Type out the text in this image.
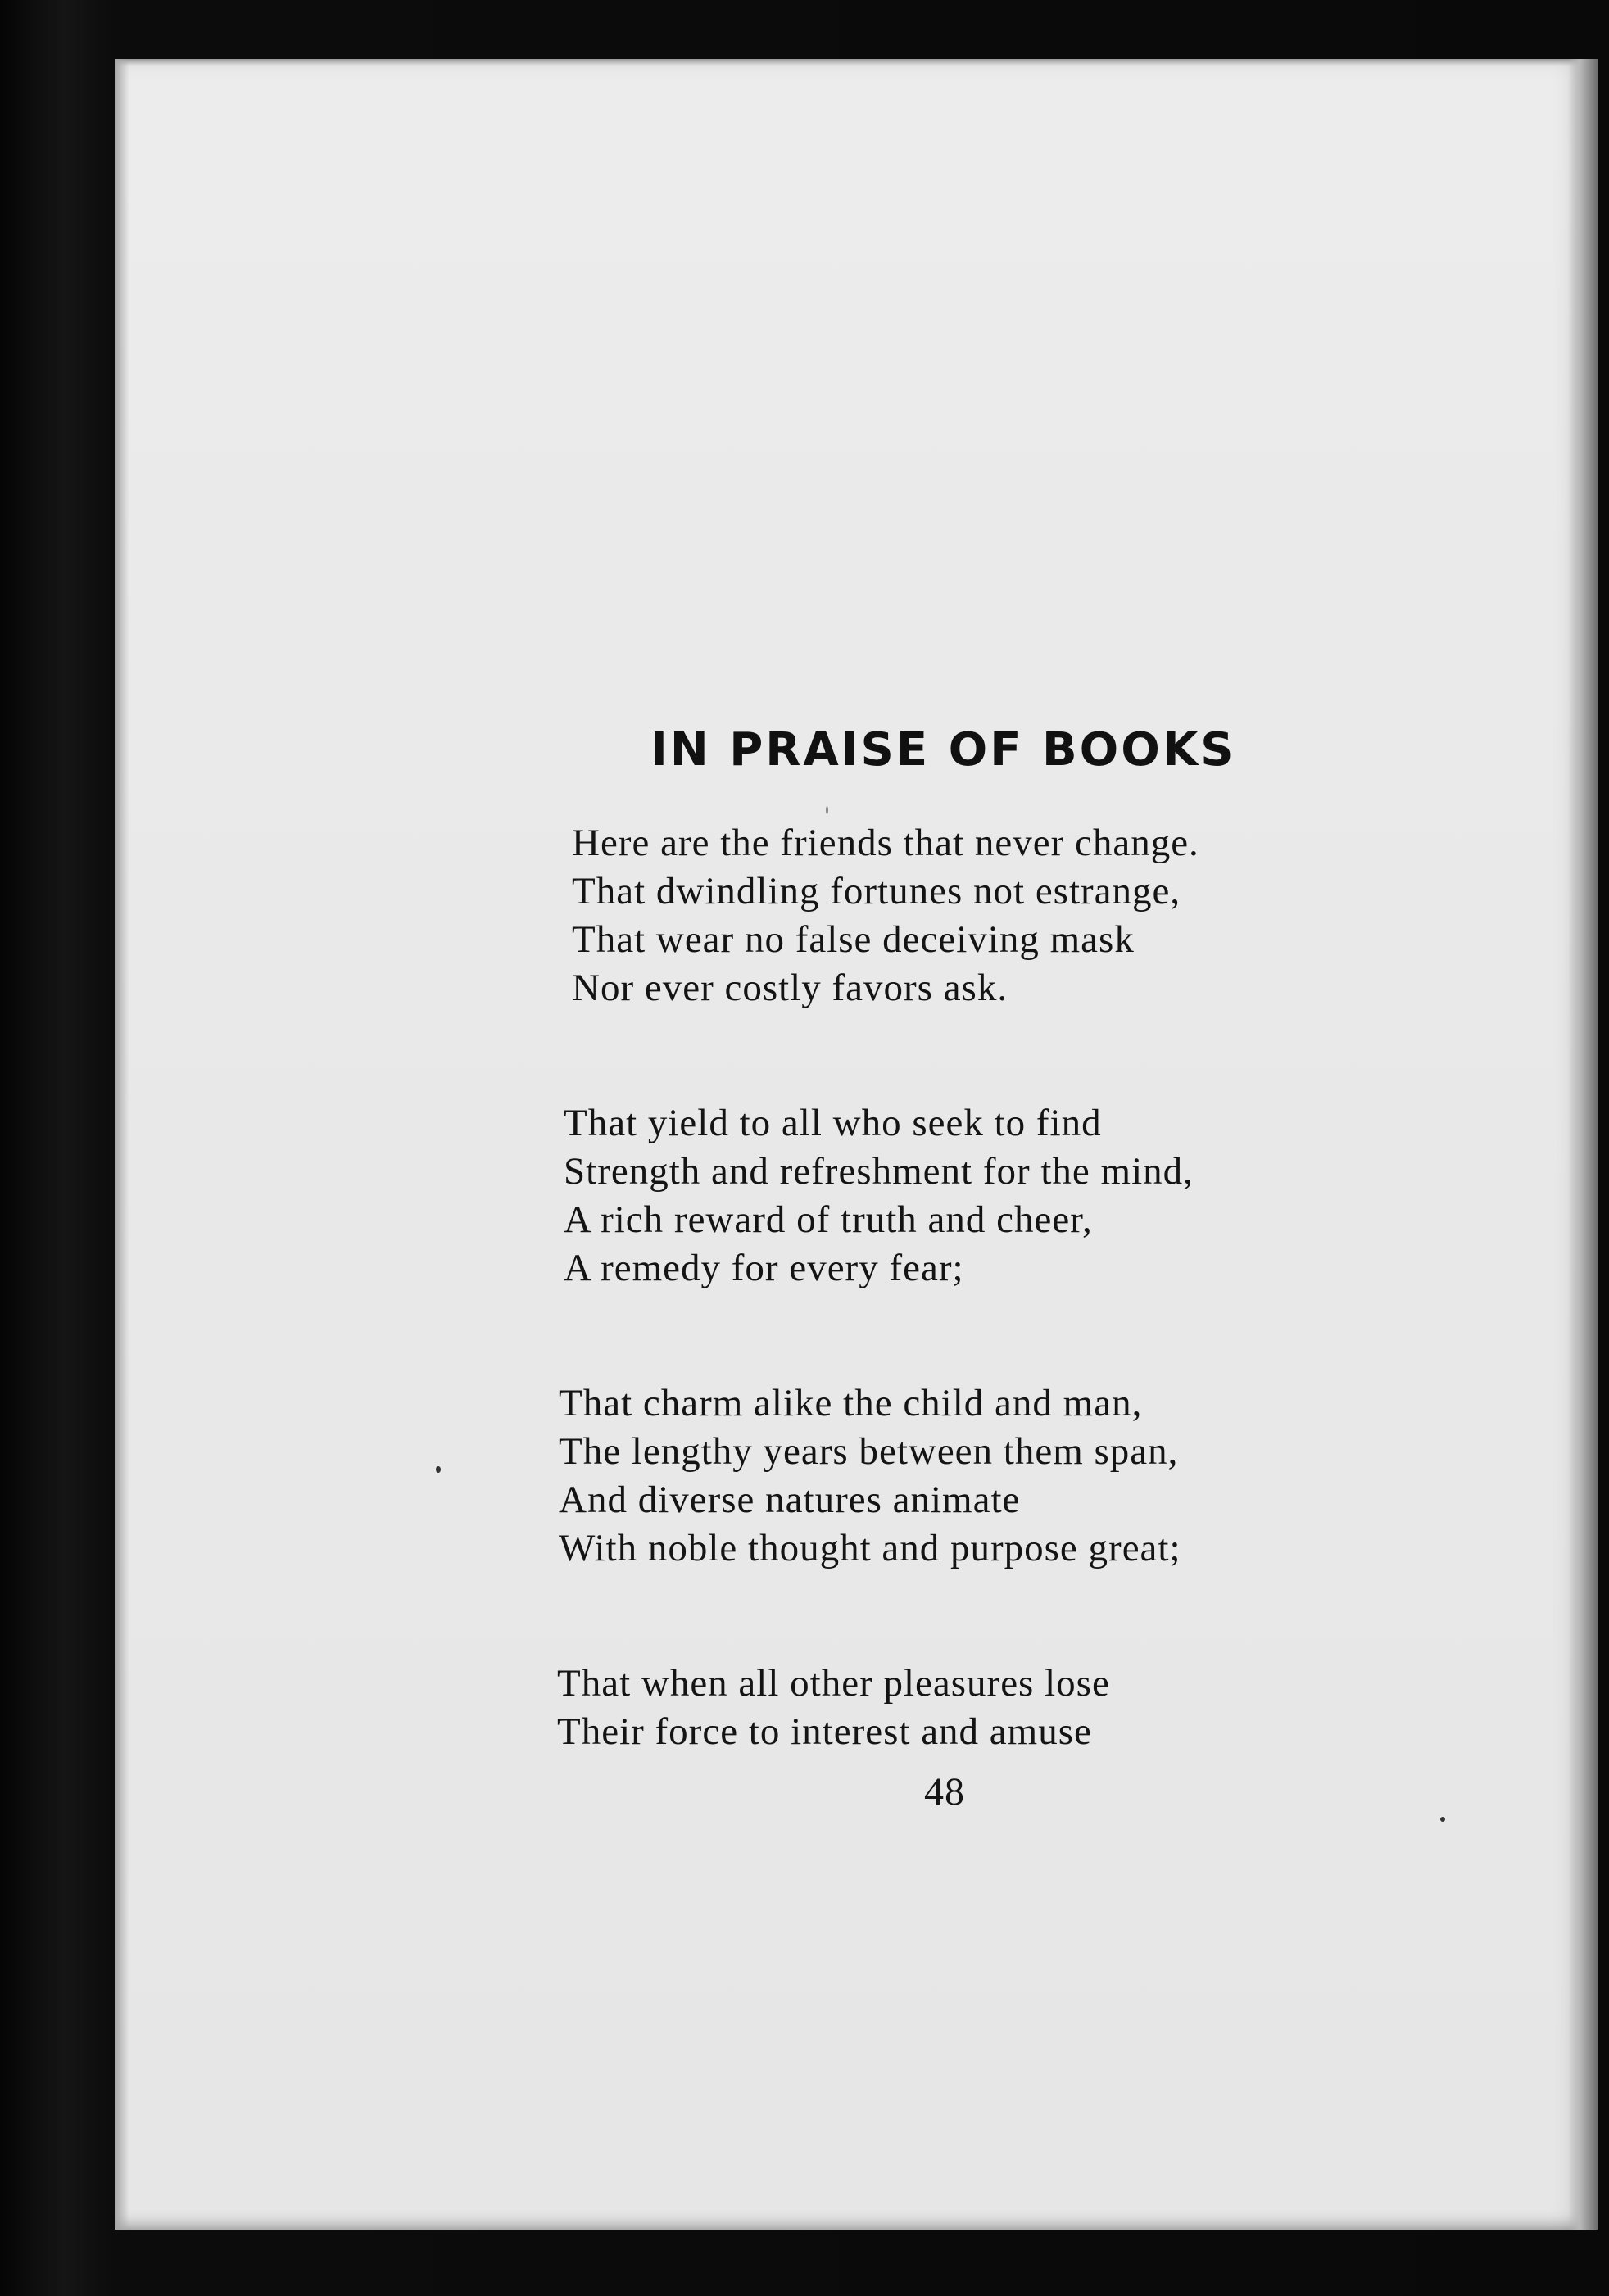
IN PRAISE OF BOOKS
Here are the friends that never change.
That dwindling fortunes not estrange,
That wear no false deceiving mask
Nor ever costly favors ask.
That yield to all who seek to find
Strength and refreshment for the mind,
A rich reward of truth and cheer,
A remedy for every fear;
That charm alike the child and man,
The lengthy years between them span,
And diverse natures animate
With noble thought and purpose great;
That when all other pleasures lose
Their force to interest and amuse

48
